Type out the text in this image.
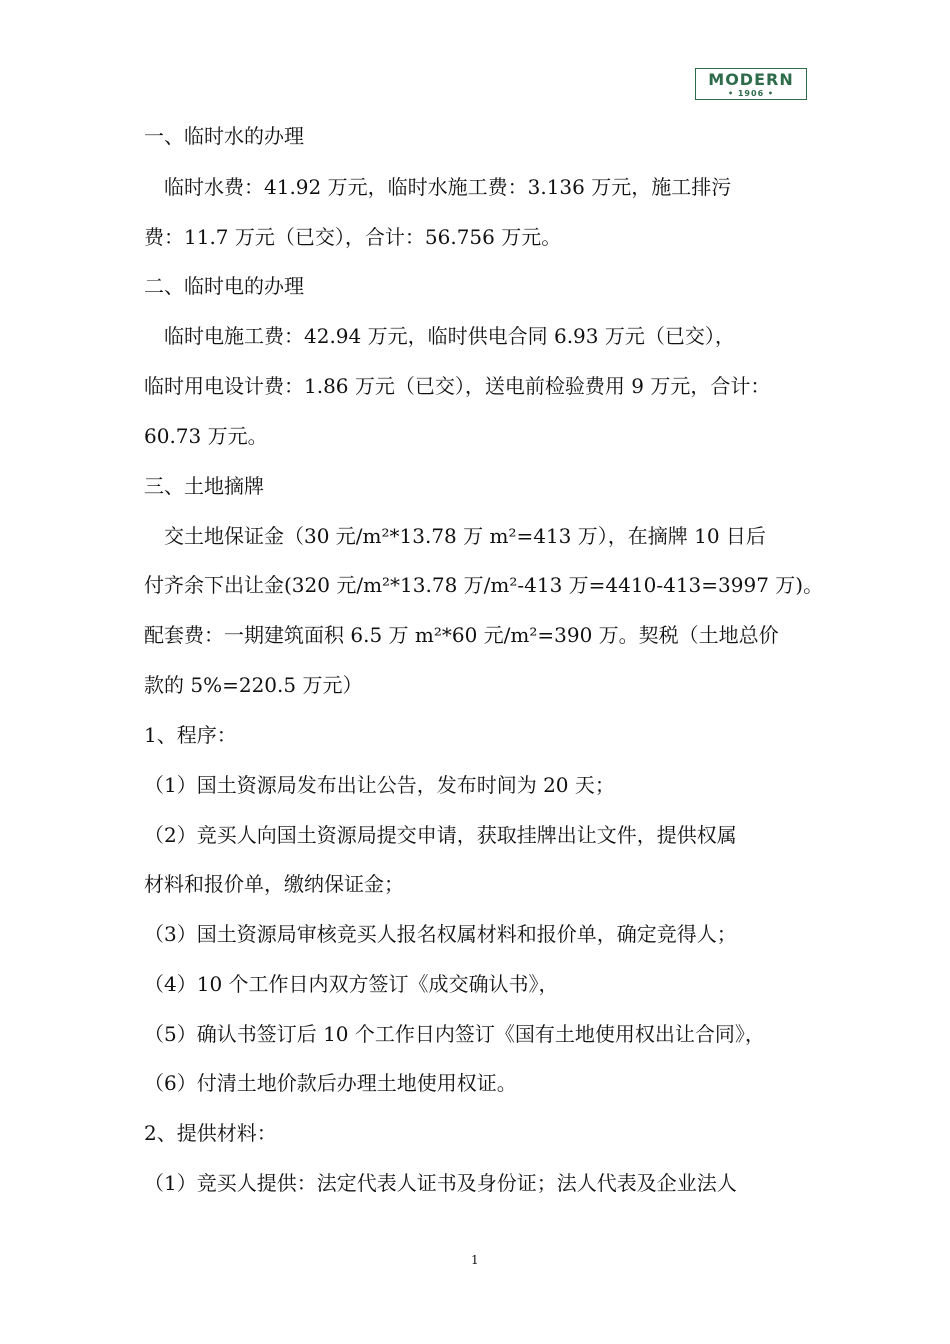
MODERN
• 1906 •
一、临时水的办理
　临时水费：41.92 万元，临时水施工费：3.136 万元，施工排污
费：11.7 万元（已交），合计：56.756 万元。
二、临时电的办理
　临时电施工费：42.94 万元，临时供电合同 6.93 万元（已交），
临时用电设计费：1.86 万元（已交），送电前检验费用 9 万元，合计：
60.73 万元。
三、土地摘牌
　交土地保证金（30 元/m²*13.78 万 m²=413 万），在摘牌 10 日后
付齐余下出让金(320 元/m²*13.78 万/m²-413 万=4410-413=3997 万)。
配套费：一期建筑面积 6.5 万 m²*60 元/m²=390 万。契税（土地总价
款的 5%=220.5 万元）
1、程序：
（1）国土资源局发布出让公告，发布时间为 20 天；
（2）竞买人向国土资源局提交申请，获取挂牌出让文件，提供权属
材料和报价单，缴纳保证金；
（3）国土资源局审核竞买人报名权属材料和报价单，确定竞得人；
（4）10 个工作日内双方签订《成交确认书》，
（5）确认书签订后 10 个工作日内签订《国有土地使用权出让合同》，
（6）付清土地价款后办理土地使用权证。
2、提供材料：
（1）竞买人提供：法定代表人证书及身份证；法人代表及企业法人
1
